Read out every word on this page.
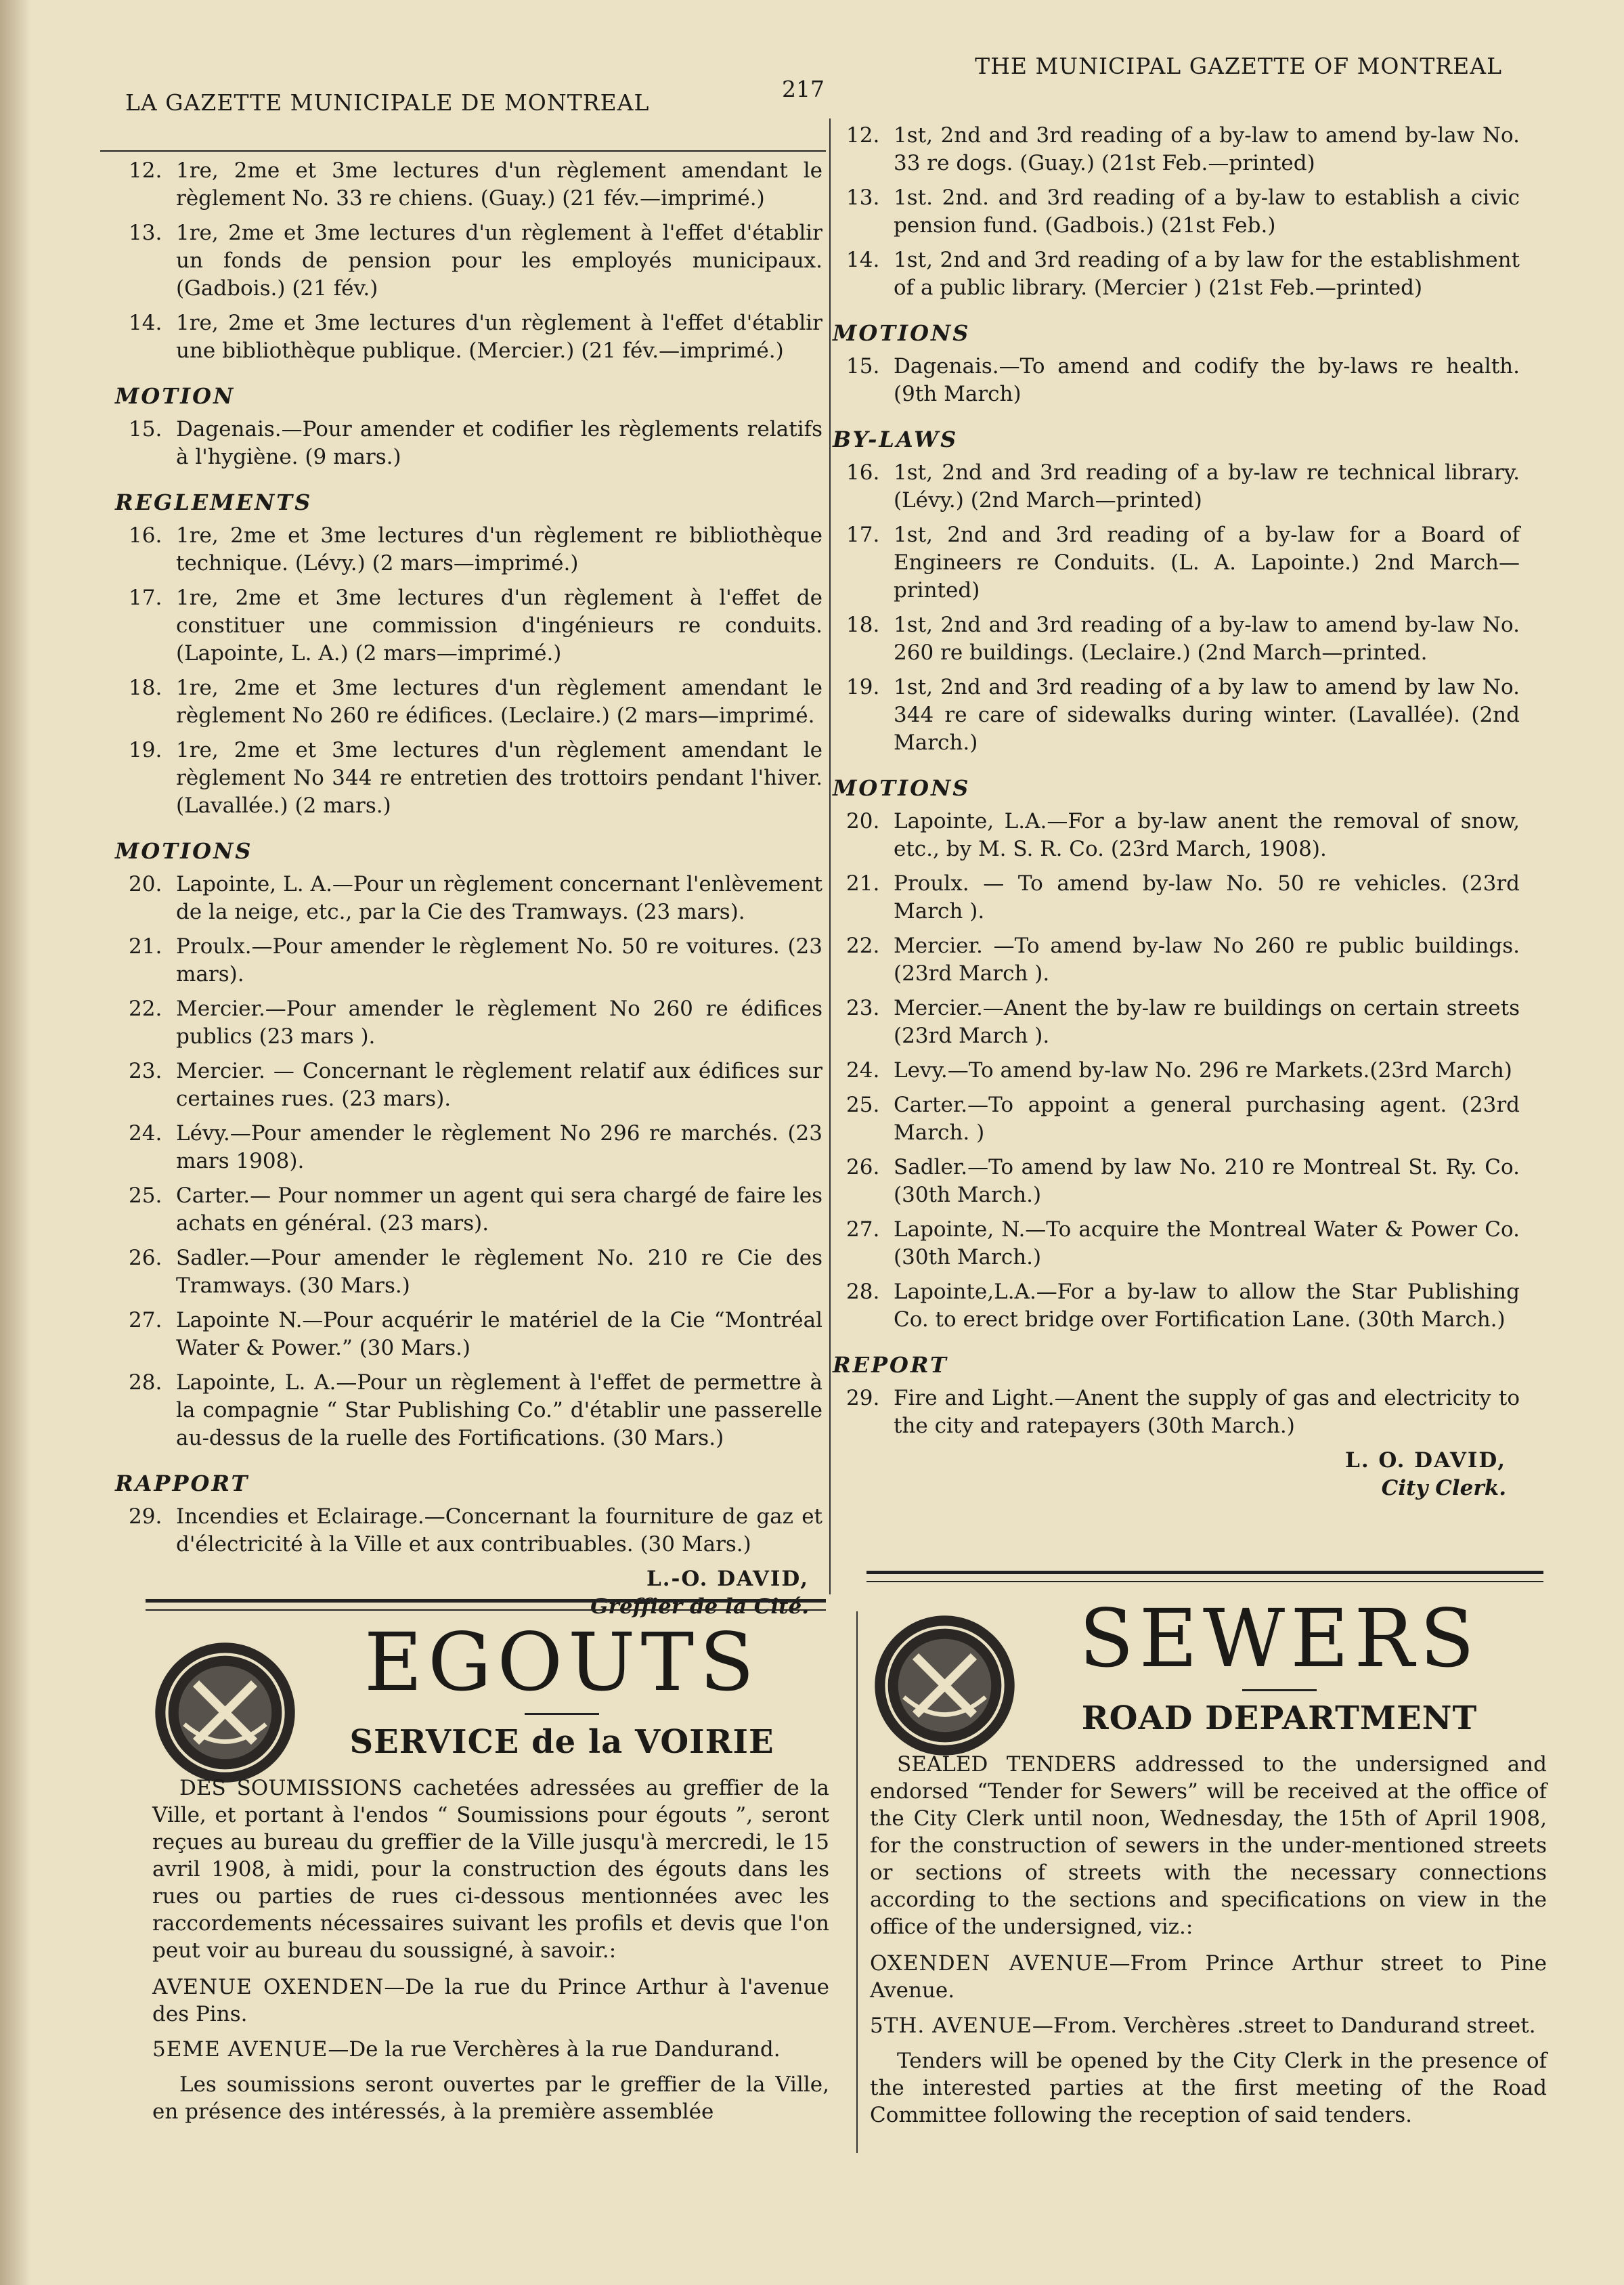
LA GAZETTE MUNICIPALE DE MONTREAL
217
THE MUNICIPAL GAZETTE OF MONTREAL
12. 1re, 2me et 3me lectures d'un règlement amendant le règlement No. 33 re chiens. (Guay.) (21 fév.—imprimé.)
13. 1re, 2me et 3me lectures d'un règlement à l'effet d'établir un fonds de pension pour les employés municipaux. (Gadbois.) (21 fév.)
14. 1re, 2me et 3me lectures d'un règlement à l'effet d'établir une bibliothèque publique. (Mercier.) (21 fév.—imprimé.)
MOTION
15. Dagenais.—Pour amender et codifier les règlements relatifs à l'hygiène. (9 mars.)
REGLEMENTS
16. 1re, 2me et 3me lectures d'un règlement re bibliothèque technique. (Lévy.) (2 mars—imprimé.)
17. 1re, 2me et 3me lectures d'un règlement à l'effet de constituer une commission d'ingénieurs re conduits. (Lapointe, L. A.) (2 mars—imprimé.)
18. 1re, 2me et 3me lectures d'un règlement amendant le règlement No 260 re édifices. (Leclaire.) (2 mars—imprimé.
19. 1re, 2me et 3me lectures d'un règlement amendant le règlement No 344 re entretien des trottoirs pendant l'hiver. (Lavallée.) (2 mars.)
MOTIONS
20. Lapointe, L. A.—Pour un règlement concernant l'enlèvement de la neige, etc., par la Cie des Tramways. (23 mars).
21. Proulx.—Pour amender le règlement No. 50 re voitures. (23 mars).
22. Mercier.—Pour amender le règlement No 260 re édifices publics (23 mars ).
23. Mercier. — Concernant le règlement relatif aux édifices sur certaines rues. (23 mars).
24. Lévy.—Pour amender le règlement No 296 re marchés. (23 mars 1908).
25. Carter.— Pour nommer un agent qui sera chargé de faire les achats en général. (23 mars).
26. Sadler.—Pour amender le règlement No. 210 re Cie des Tramways. (30 Mars.)
27. Lapointe N.—Pour acquérir le matériel de la Cie “Montréal Water & Power.” (30 Mars.)
28. Lapointe, L. A.—Pour un règlement à l'effet de permettre à la compagnie “ Star Publishing Co.” d'établir une passerelle au-dessus de la ruelle des Fortifications. (30 Mars.)
RAPPORT
29. Incendies et Eclairage.—Concernant la fourniture de gaz et d'électricité à la Ville et aux contribuables. (30 Mars.)
L.-O. DAVID,
Greffier de la Cité.
12. 1st, 2nd and 3rd reading of a by-law to amend by-law No. 33 re dogs. (Guay.) (21st Feb.—printed)
13. 1st. 2nd. and 3rd reading of a by-law to establish a civic pension fund. (Gadbois.) (21st Feb.)
14. 1st, 2nd and 3rd reading of a by law for the establishment of a public library. (Mercier ) (21st Feb.—printed)
MOTIONS
15. Dagenais.—To amend and codify the by-laws re health. (9th March)
BY-LAWS
16. 1st, 2nd and 3rd reading of a by-law re technical library. (Lévy.) (2nd March—printed)
17. 1st, 2nd and 3rd reading of a by-law for a Board of Engineers re Conduits. (L. A. Lapointe.) 2nd March—printed)
18. 1st, 2nd and 3rd reading of a by-law to amend by-law No. 260 re buildings. (Leclaire.) (2nd March—printed.
19. 1st, 2nd and 3rd reading of a by law to amend by law No. 344 re care of sidewalks during winter. (Lavallée). (2nd March.)
MOTIONS
20. Lapointe, L.A.—For a by-law anent the removal of snow, etc., by M. S. R. Co. (23rd March, 1908).
21. Proulx. — To amend by-law No. 50 re vehicles. (23rd March ).
22. Mercier. —To amend by-law No 260 re public buildings. (23rd March ).
23. Mercier.—Anent the by-law re buildings on certain streets (23rd March ).
24. Levy.—To amend by-law No. 296 re Markets.(23rd March)
25. Carter.—To appoint a general purchasing agent. (23rd March. )
26. Sadler.—To amend by law No. 210 re Montreal St. Ry. Co. (30th March.)
27. Lapointe, N.—To acquire the Montreal Water & Power Co. (30th March.)
28. Lapointe,L.A.—For a by-law to allow the Star Publishing Co. to erect bridge over Fortification Lane. (30th March.)
REPORT
29. Fire and Light.—Anent the supply of gas and electricity to the city and ratepayers (30th March.)
L. O. DAVID,
City Clerk.
EGOUTS
SERVICE de la VOIRIE
DES SOUMISSIONS cachetées adressées au greffier de la Ville, et portant à l'endos “ Soumissions pour égouts ”, seront reçues au bureau du greffier de la Ville jusqu'à mercredi, le 15 avril 1908, à midi, pour la construction des égouts dans les rues ou parties de rues ci-dessous mentionnées avec les raccordements nécessaires suivant les profils et devis que l'on peut voir au bureau du soussigné, à savoir.:
AVENUE OXENDEN—De la rue du Prince Arthur à l'avenue des Pins.
5EME AVENUE—De la rue Verchères à la rue Dandurand.
Les soumissions seront ouvertes par le greffier de la Ville, en présence des intéressés, à la première assemblée
SEWERS
ROAD DEPARTMENT
SEALED TENDERS addressed to the undersigned and endorsed “Tender for Sewers” will be received at the office of the City Clerk until noon, Wednesday, the 15th of April 1908, for the construction of sewers in the under-mentioned streets or sections of streets with the necessary connections according to the sections and specifications on view in the office of the undersigned, viz.:
OXENDEN AVENUE—From Prince Arthur street to Pine Avenue.
5TH. AVENUE—From. Verchères .street to Dandurand street.
Tenders will be opened by the City Clerk in the presence of the interested parties at the first meeting of the Road Committee following the reception of said tenders.
